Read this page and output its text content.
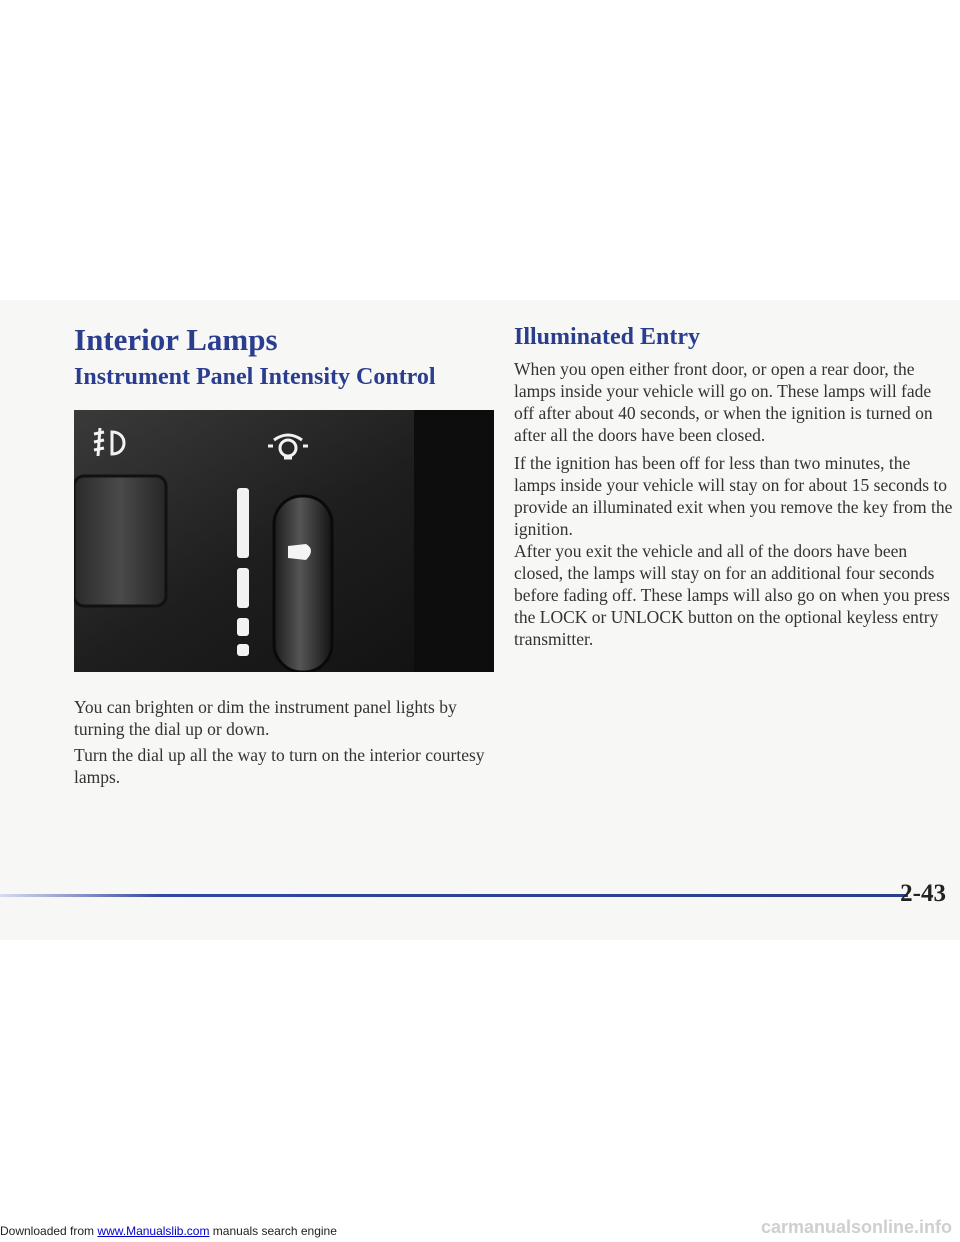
Interior Lamps
Instrument Panel Intensity Control
Illuminated Entry

You can brighten or dim the instrument panel lights by turning the dial up or down.

Turn the dial up all the way to turn on the interior courtesy lamps.

When you open either front door, or open a rear door, the lamps inside your vehicle will go on. These lamps will fade off after about 40 seconds, or when the ignition is turned on after all the doors have been closed.

If the ignition has been off for less than two minutes, the lamps inside your vehicle will stay on for about 15 seconds to provide an illuminated exit when you remove the key from the ignition.

After you exit the vehicle and all of the doors have been closed, the lamps will stay on for an additional four seconds before fading off. These lamps will also go on when you press the LOCK or UNLOCK button on the optional keyless entry transmitter.

2-43
Downloaded from www.Manualslib.com manuals search engine	carmanualsonline.info
